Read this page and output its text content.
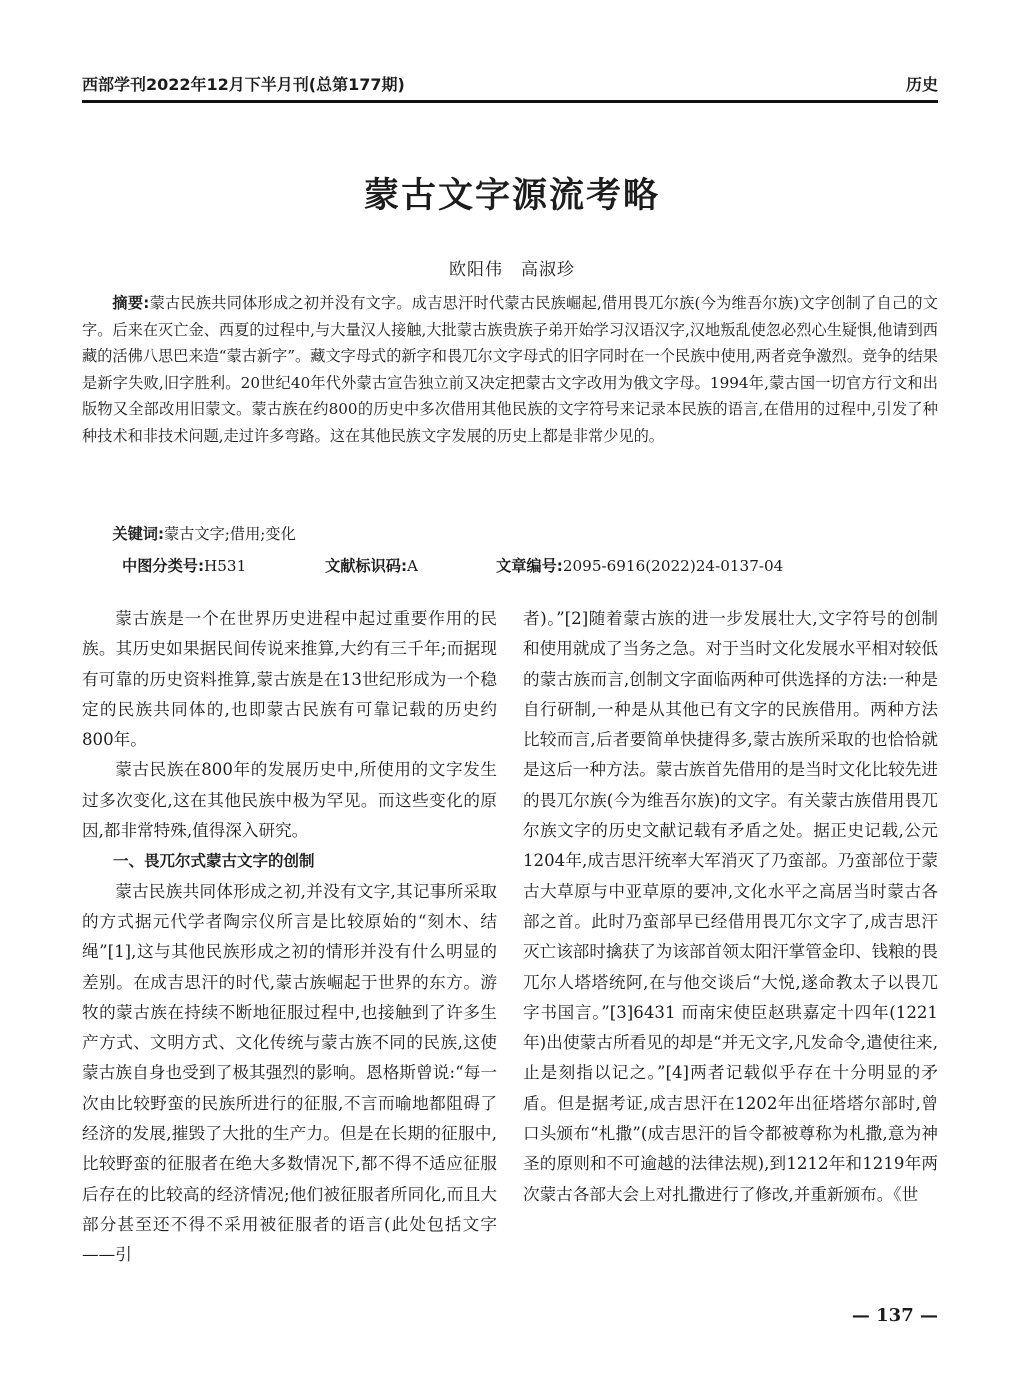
西部学刊2022年12月下半月刊(总第177期)	历史
蒙古文字源流考略
欧阳伟　高淑珍
摘要:蒙古民族共同体形成之初并没有文字。成吉思汗时代蒙古民族崛起,借用畏兀尔族(今为维吾尔族)文字创制了自己的文字。后来在灭亡金、西夏的过程中,与大量汉人接触,大批蒙古族贵族子弟开始学习汉语汉字,汉地叛乱使忽必烈心生疑惧,他请到西藏的活佛八思巴来造“蒙古新字”。藏文字母式的新字和畏兀尔文字母式的旧字同时在一个民族中使用,两者竞争激烈。竞争的结果是新字失败,旧字胜利。20世纪40年代外蒙古宣告独立前又决定把蒙古文字改用为俄文字母。1994年,蒙古国一切官方行文和出版物又全部改用旧蒙文。蒙古族在约800的历史中多次借用其他民族的文字符号来记录本民族的语言,在借用的过程中,引发了种种技术和非技术问题,走过许多弯路。这在其他民族文字发展的历史上都是非常少见的。
关键词:蒙古文字;借用;变化
中图分类号:H531	文献标识码:A	文章编号:2095-6916(2022)24-0137-04

蒙古族是一个在世界历史进程中起过重要作用的民族。其历史如果据民间传说来推算,大约有三千年;而据现有可靠的历史资料推算,蒙古族是在13世纪形成为一个稳定的民族共同体的,也即蒙古民族有可靠记载的历史约800年。

蒙古民族在800年的发展历史中,所使用的文字发生过多次变化,这在其他民族中极为罕见。而这些变化的原因,都非常特殊,值得深入研究。

一、畏兀尔式蒙古文字的创制

蒙古民族共同体形成之初,并没有文字,其记事所采取的方式据元代学者陶宗仪所言是比较原始的“刻木、结绳”[1],这与其他民族形成之初的情形并没有什么明显的差别。在成吉思汗的时代,蒙古族崛起于世界的东方。游牧的蒙古族在持续不断地征服过程中,也接触到了许多生产方式、文明方式、文化传统与蒙古族不同的民族,这使蒙古族自身也受到了极其强烈的影响。恩格斯曾说:“每一次由比较野蛮的民族所进行的征服,不言而喻地都阻碍了经济的发展,摧毁了大批的生产力。但是在长期的征服中,比较野蛮的征服者在绝大多数情况下,都不得不适应征服后存在的比较高的经济情况;他们被征服者所同化,而且大部分甚至还不得不采用被征服者的语言(此处包括文字——引

者)。”[2]随着蒙古族的进一步发展壮大,文字符号的创制和使用就成了当务之急。对于当时文化发展水平相对较低的蒙古族而言,创制文字面临两种可供选择的方法:一种是自行研制,一种是从其他已有文字的民族借用。两种方法比较而言,后者要简单快捷得多,蒙古族所采取的也恰恰就是这后一种方法。蒙古族首先借用的是当时文化比较先进的畏兀尔族(今为维吾尔族)的文字。有关蒙古族借用畏兀尔族文字的历史文献记载有矛盾之处。据正史记载,公元1204年,成吉思汗统率大军消灭了乃蛮部。乃蛮部位于蒙古大草原与中亚草原的要冲,文化水平之高居当时蒙古各部之首。此时乃蛮部早已经借用畏兀尔文字了,成吉思汗灭亡该部时擒获了为该部首领太阳汗掌管金印、钱粮的畏兀尔人塔塔统阿,在与他交谈后“大悦,遂命教太子以畏兀字书国言。”[3]6431 而南宋使臣赵珙嘉定十四年(1221年)出使蒙古所看见的却是“并无文字,凡发命令,遣使往来,止是刻指以记之。”[4]两者记载似乎存在十分明显的矛盾。但是据考证,成吉思汗在1202年出征塔塔尔部时,曾口头颁布“札撒”(成吉思汗的旨令都被尊称为札撒,意为神圣的原则和不可逾越的法律法规),到1212年和1219年两次蒙古各部大会上对扎撒进行了修改,并重新颁布。《世

— 137 —
